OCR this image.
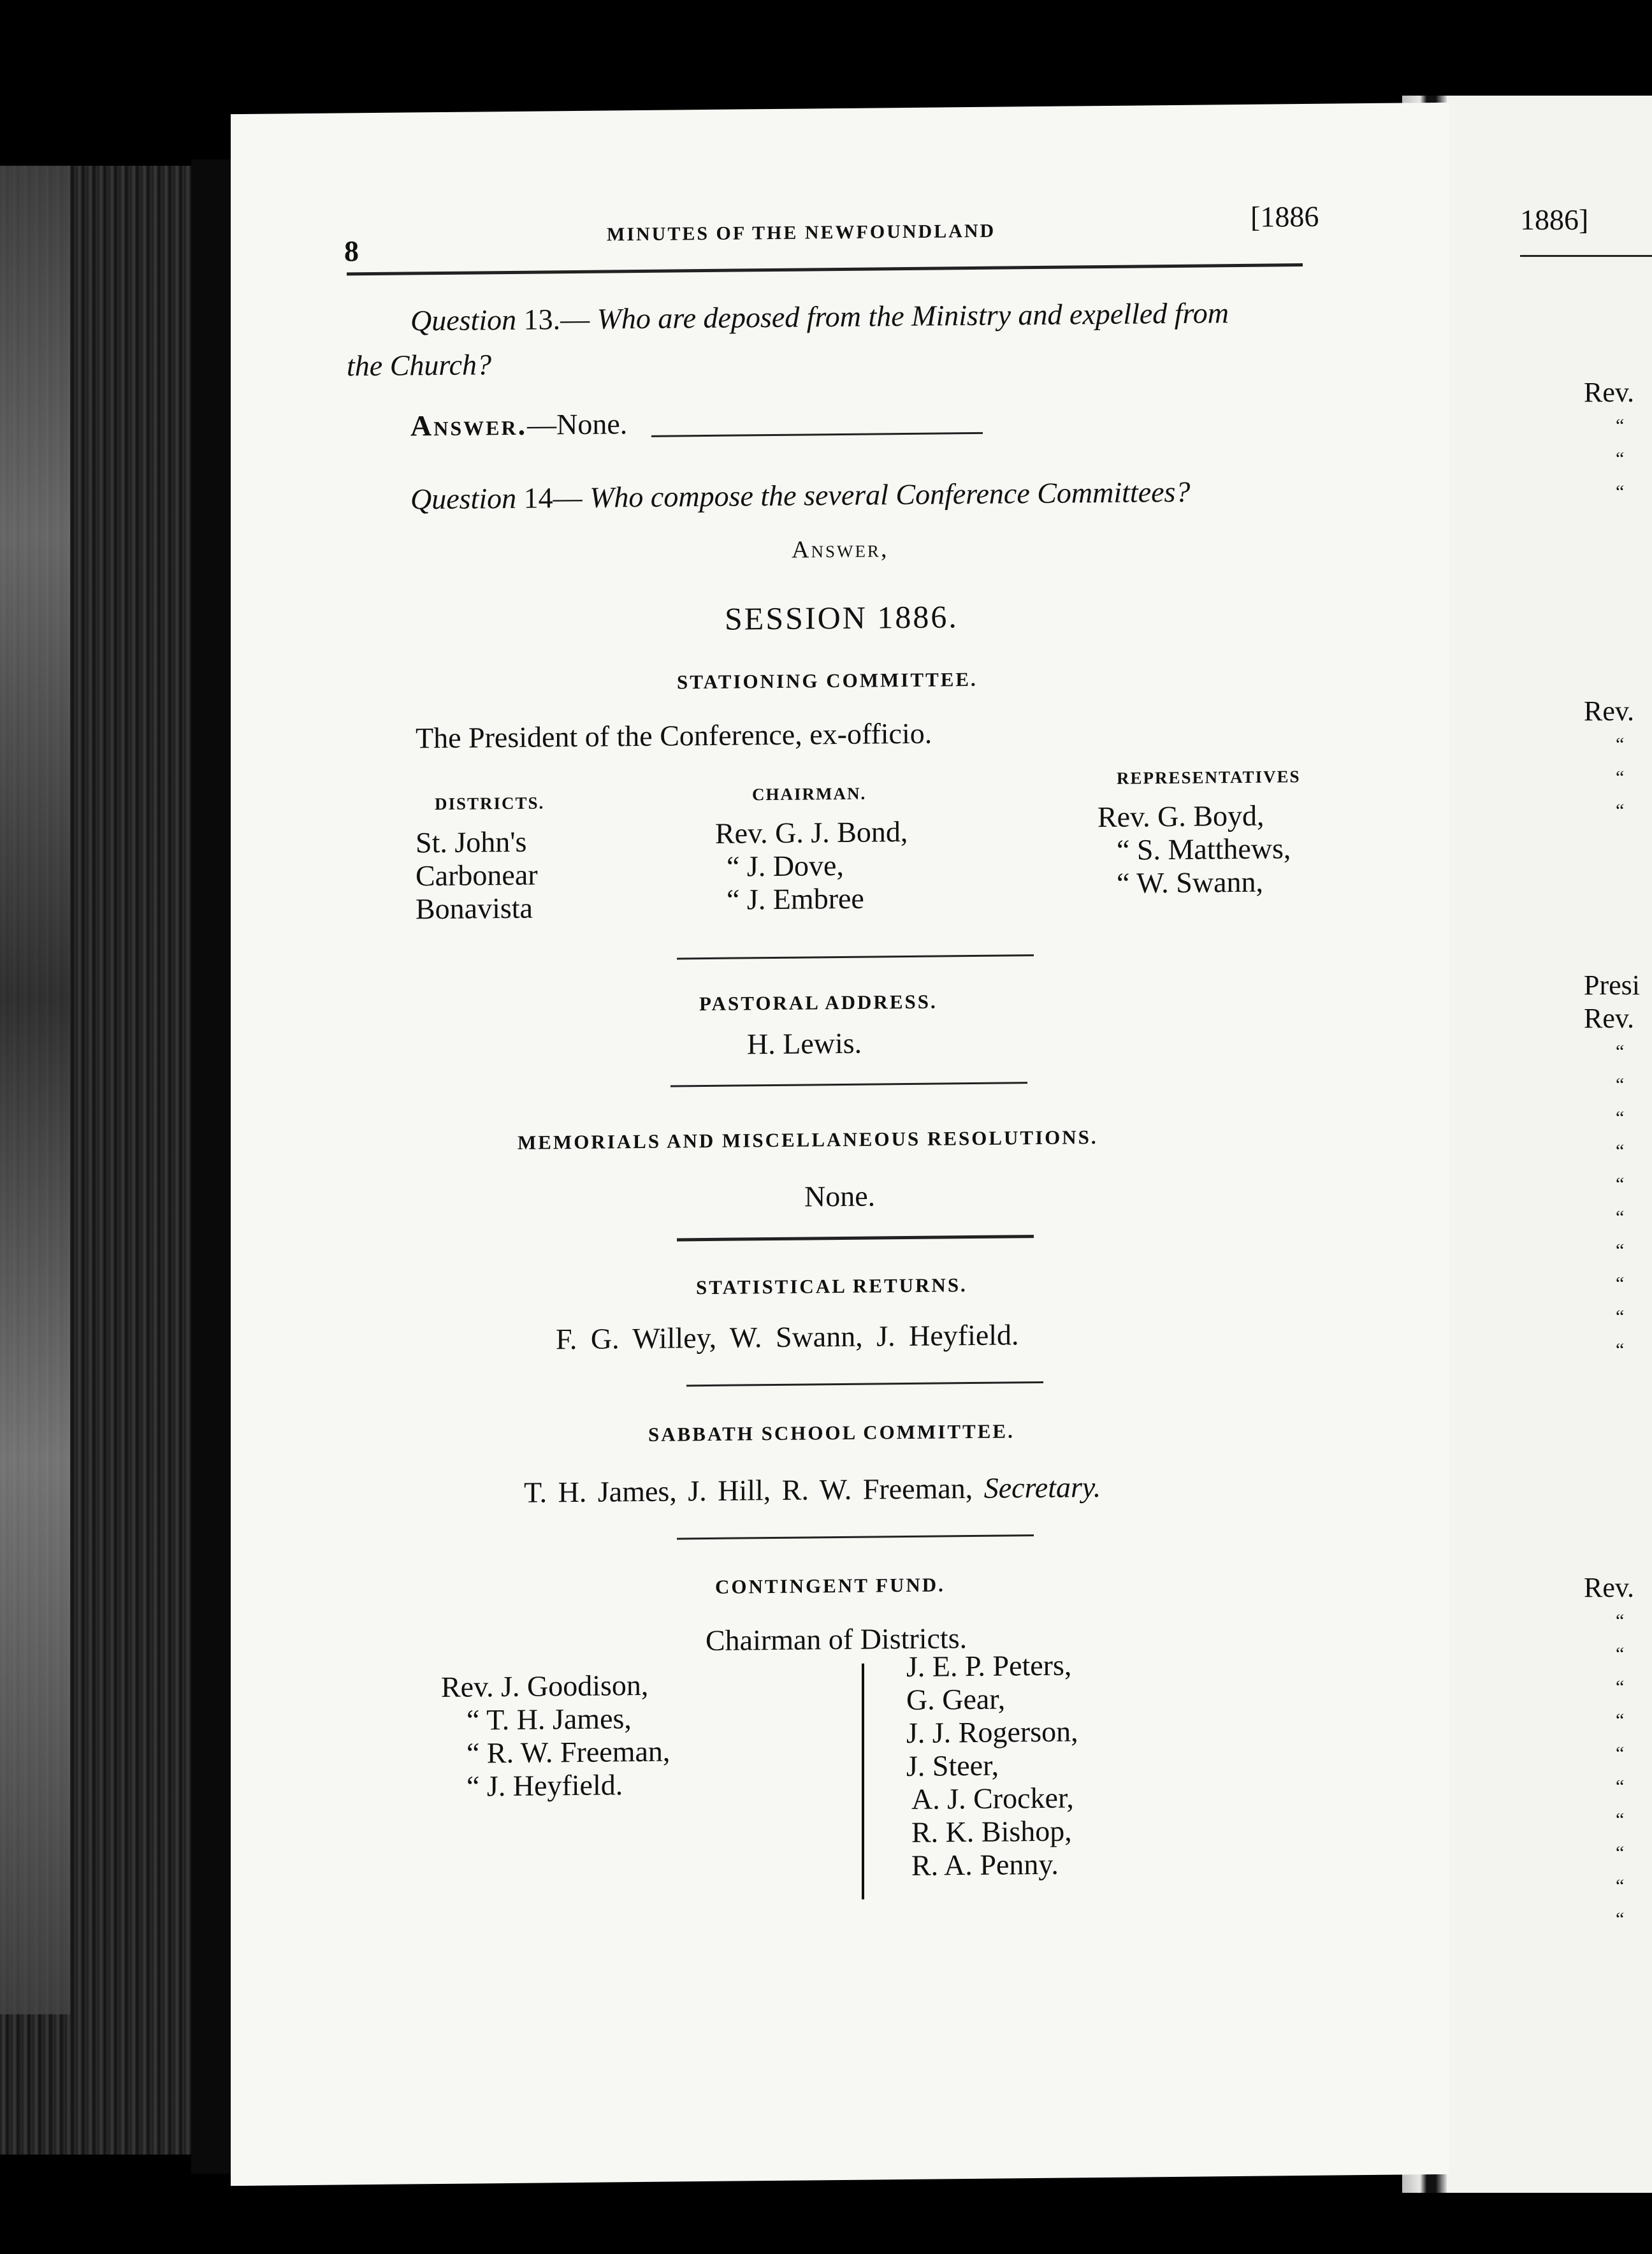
8
MINUTES OF THE NEWFOUNDLAND	[1886
Question 13.— Who are deposed from the Ministry and expelled from
the Church?
Answer.—None.
Question 14— Who compose the several Conference Committees?
Answer,
SESSION 1886.
STATIONING COMMITTEE.
The President of the Conference, ex-officio.
DISTRICTS.	CHAIRMAN.
REPRESENTATIVES
St. John's
Carbonear
Bonavista
Rev. G. J. Bond,
“ J. Dove,
“ J. Embree
Rev. G. Boyd,
“ S. Matthews,
“ W. Swann,
PASTORAL ADDRESS.
H. Lewis.
MEMORIALS AND MISCELLANEOUS RESOLUTIONS.
None.
STATISTICAL RETURNS.
F. G. Willey, W. Swann, J. Heyfield.
SABBATH SCHOOL COMMITTEE.
T. H. James, J. Hill, R. W. Freeman, Secretary.
CONTINGENT FUND.
Chairman of Districts.
Rev. J. Goodison,
“ T. H. James,
“ R. W. Freeman,
“ J. Heyfield.
J. E. P. Peters,
G. Gear,
J. J. Rogerson,
J. Steer,
A. J. Crocker,
R. K. Bishop,
R. A. Penny.
1886]
Rev.
“
“
“
Rev.
“
“
“
Presi
Rev.
“
“
“
“
“
“
“
“
“
“
Rev.
“
“
“
“
“
“
“
“
“
“
